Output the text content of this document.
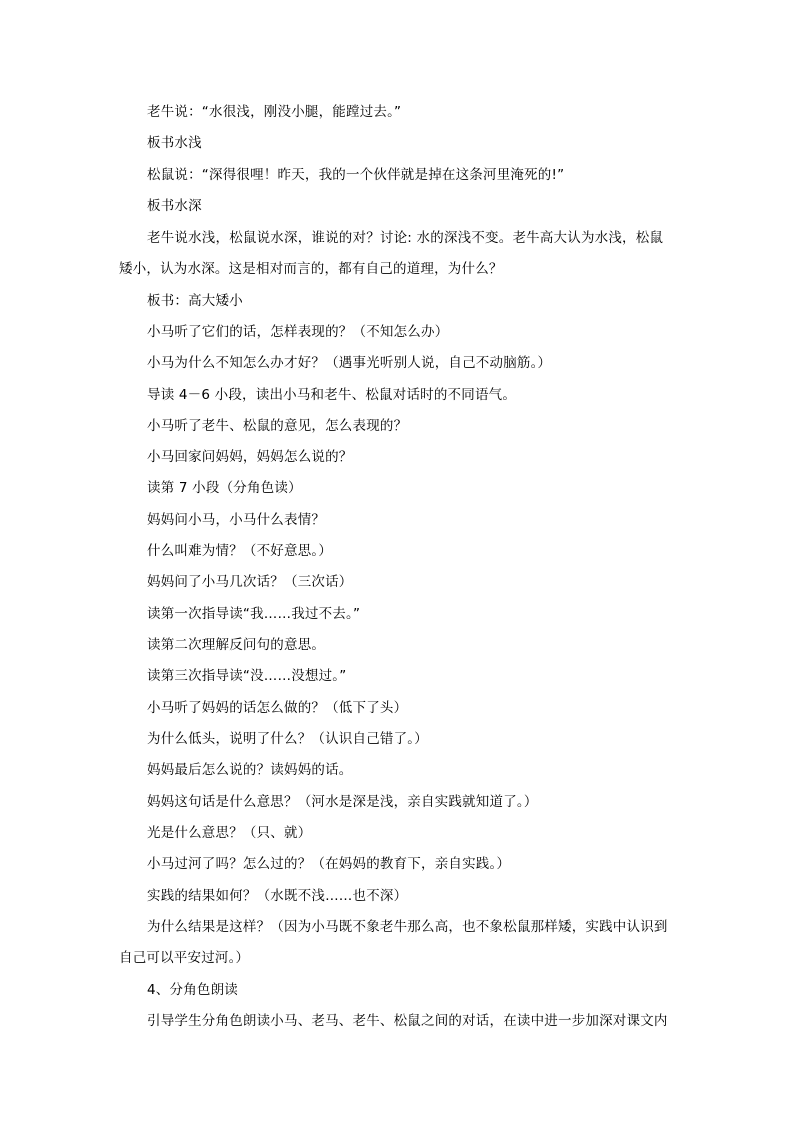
老牛说：“水很浅，刚没小腿，能蹚过去。”
板书水浅
松鼠说：“深得很哩！昨天，我的一个伙伴就是掉在这条河里淹死的!”
板书水深
老牛说水浅，松鼠说水深，谁说的对？讨论: 水的深浅不变。老牛高大认为水浅，松鼠
矮小，认为水深。这是相对而言的，都有自己的道理，为什么？
板书：高大矮小
小马听了它们的话，怎样表现的？（不知怎么办）
小马为什么不知怎么办才好？（遇事光听别人说，自己不动脑筋。）
导读 4－6 小段，读出小马和老牛、松鼠对话时的不同语气。
小马听了老牛、松鼠的意见，怎么表现的？
小马回家问妈妈，妈妈怎么说的？
读第 7 小段（分角色读）
妈妈问小马，小马什么表情？
什么叫难为情？（不好意思。）
妈妈问了小马几次话？（三次话）
读第一次指导读“我……我过不去。”
读第二次理解反问句的意思。
读第三次指导读“没……没想过。”
小马听了妈妈的话怎么做的？（低下了头）
为什么低头，说明了什么？（认识自己错了。）
妈妈最后怎么说的？读妈妈的话。
妈妈这句话是什么意思？（河水是深是浅，亲自实践就知道了。）
光是什么意思？（只、就）
小马过河了吗？怎么过的？（在妈妈的教育下，亲自实践。）
实践的结果如何？（水既不浅……也不深）
为什么结果是这样？（因为小马既不象老牛那么高，也不象松鼠那样矮，实践中认识到
自己可以平安过河。）
4、分角色朗读
引导学生分角色朗读小马、老马、老牛、松鼠之间的对话，在读中进一步加深对课文内
